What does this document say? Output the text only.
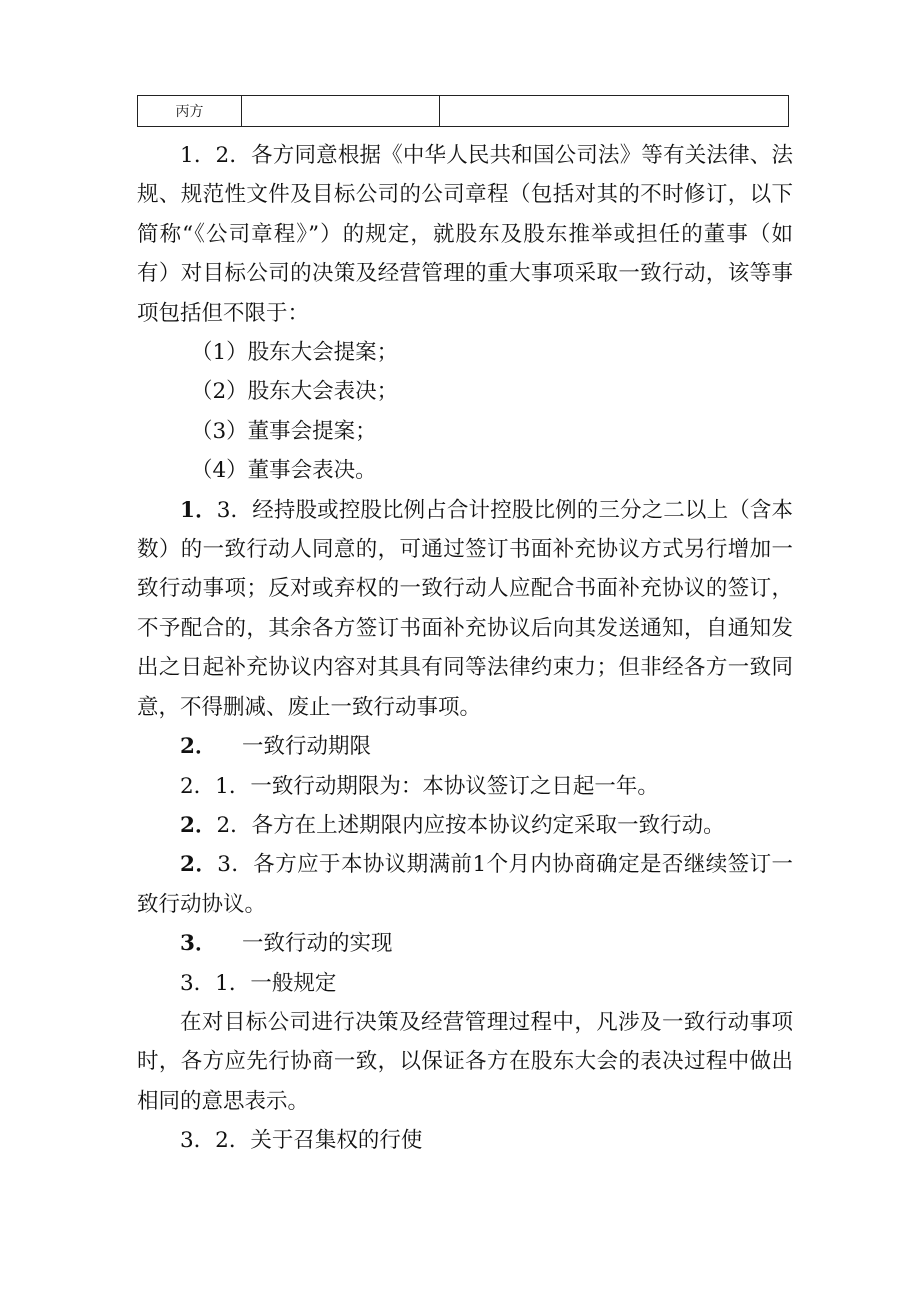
丙方		

1．2．各方同意根据《中华人民共和国公司法》等有关法律、法规、规范性文件及目标公司的公司章程（包括对其的不时修订，以下简称“《公司章程》”）的规定，就股东及股东推举或担任的董事（如有）对目标公司的决策及经营管理的重大事项采取一致行动，该等事项包括但不限于：

（1）股东大会提案；

（2）股东大会表决；

（3）董事会提案；

（4）董事会表决。

1．3．经持股或控股比例占合计控股比例的三分之二以上（含本数）的一致行动人同意的，可通过签订书面补充协议方式另行增加一致行动事项；反对或弃权的一致行动人应配合书面补充协议的签订，不予配合的，其余各方签订书面补充协议后向其发送通知，自通知发出之日起补充协议内容对其具有同等法律约束力；但非经各方一致同意，不得删减、废止一致行动事项。

2．	一致行动期限

2．1．一致行动期限为：本协议签订之日起一年。

2．2．各方在上述期限内应按本协议约定采取一致行动。

2．3．各方应于本协议期满前1个月内协商确定是否继续签订一致行动协议。

3．	一致行动的实现

3．1．一般规定

在对目标公司进行决策及经营管理过程中，凡涉及一致行动事项时，各方应先行协商一致，以保证各方在股东大会的表决过程中做出相同的意思表示。

3．2．关于召集权的行使
